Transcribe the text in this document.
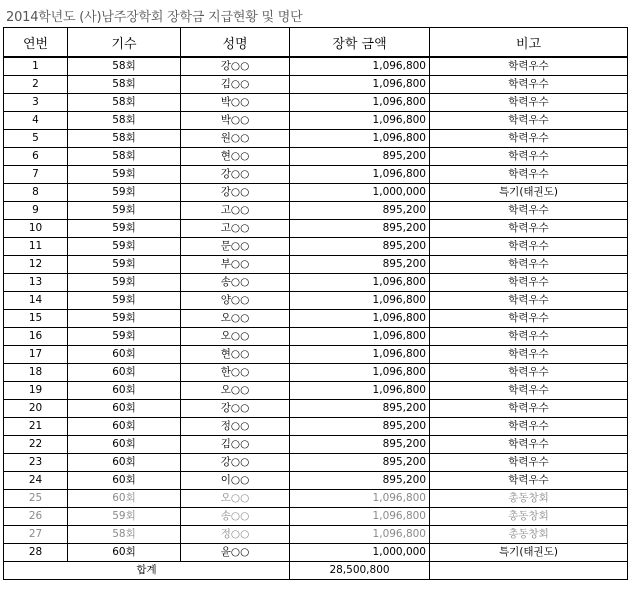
2014학년도 (사)남주장학회 장학금 지급현황 및 명단
연번	기수	성명	장학 금액	비고
1	58회	강○○	1,096,800	학력우수
2	58회	김○○	1,096,800	학력우수
3	58회	박○○	1,096,800	학력우수
4	58회	박○○	1,096,800	학력우수
5	58회	원○○	1,096,800	학력우수
6	58회	현○○	895,200	학력우수
7	59회	강○○	1,096,800	학력우수
8	59회	강○○	1,000,000	특기(태권도)
9	59회	고○○	895,200	학력우수
10	59회	고○○	895,200	학력우수
11	59회	문○○	895,200	학력우수
12	59회	부○○	895,200	학력우수
13	59회	송○○	1,096,800	학력우수
14	59회	양○○	1,096,800	학력우수
15	59회	오○○	1,096,800	학력우수
16	59회	오○○	1,096,800	학력우수
17	60회	현○○	1,096,800	학력우수
18	60회	한○○	1,096,800	학력우수
19	60회	오○○	1,096,800	학력우수
20	60회	강○○	895,200	학력우수
21	60회	정○○	895,200	학력우수
22	60회	김○○	895,200	학력우수
23	60회	강○○	895,200	학력우수
24	60회	이○○	895,200	학력우수
25	60회	오○○	1,096,800	총동창회
26	59회	송○○	1,096,800	총동창회
27	58회	정○○	1,096,800	총동창회
28	60회	윤○○	1,000,000	특기(태권도)
합계			28,500,800	
